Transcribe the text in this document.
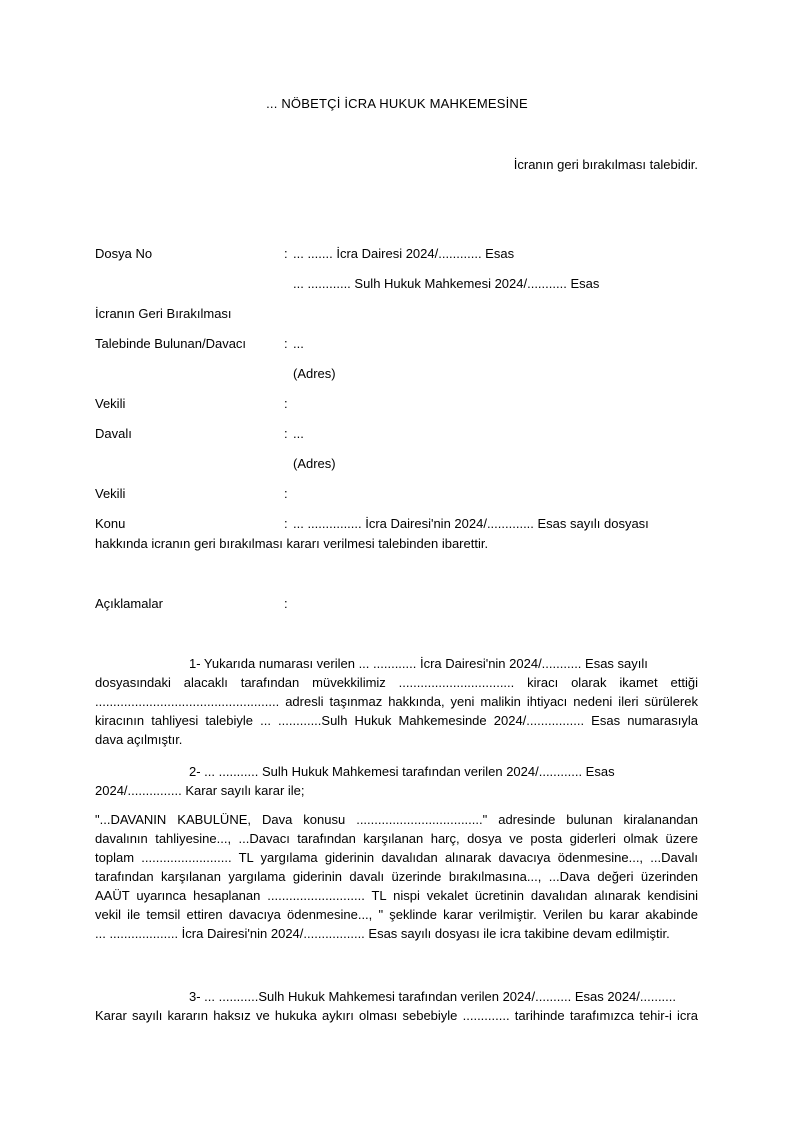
... NÖBETÇİ İCRA HUKUK MAHKEMESİNE
İcranın geri bırakılması talebidir.
Dosya No	: ... ....... İcra Dairesi 2024/............ Esas
... ............ Sulh Hukuk Mahkemesi 2024/........... Esas
İcranın Geri Bırakılması
Talebinde Bulunan/Davacı	: ...
(Adres)
Vekili	:
Davalı	: ...
(Adres)
Vekili	:
Konu	: ... ............... İcra Dairesi'nin 2024/............. Esas sayılı dosyası
hakkında icranın geri bırakılması kararı verilmesi talebinden ibarettir.
Açıklamalar	:
1- Yukarıda numarası verilen ... ............ İcra Dairesi'nin 2024/........... Esas sayılı
dosyasındaki alacaklı tarafından müvekkilimiz ................................ kiracı olarak ikamet ettiği
................................................... adresli taşınmaz hakkında, yeni malikin ihtiyacı nedeni ileri sürülerek
kiracının tahliyesi talebiyle ... ............Sulh Hukuk Mahkemesinde 2024/................ Esas numarasıyla
dava açılmıştır.
2- ... ........... Sulh Hukuk Mahkemesi tarafından verilen 2024/............ Esas
2024/............... Karar sayılı karar ile;
"...DAVANIN KABULÜNE, Dava konusu ..................................." adresinde bulunan kiralanandan
davalının tahliyesine..., ...Davacı tarafından karşılanan harç, dosya ve posta giderleri olmak üzere
toplam ......................... TL yargılama giderinin davalıdan alınarak davacıya ödenmesine..., ...Davalı
tarafından karşılanan yargılama giderinin davalı üzerinde bırakılmasına..., ...Dava değeri üzerinden
AAÜT uyarınca hesaplanan ........................... TL nispi vekalet ücretinin davalıdan alınarak kendisini
vekil ile temsil ettiren davacıya ödenmesine..., " şeklinde karar verilmiştir. Verilen bu karar akabinde
... ................... İcra Dairesi'nin 2024/................. Esas sayılı dosyası ile icra takibine devam edilmiştir.
3- ... ...........Sulh Hukuk Mahkemesi tarafından verilen 2024/.......... Esas 2024/..........
Karar sayılı kararın haksız ve hukuka aykırı olması sebebiyle ............. tarihinde tarafımızca tehir-i icra
